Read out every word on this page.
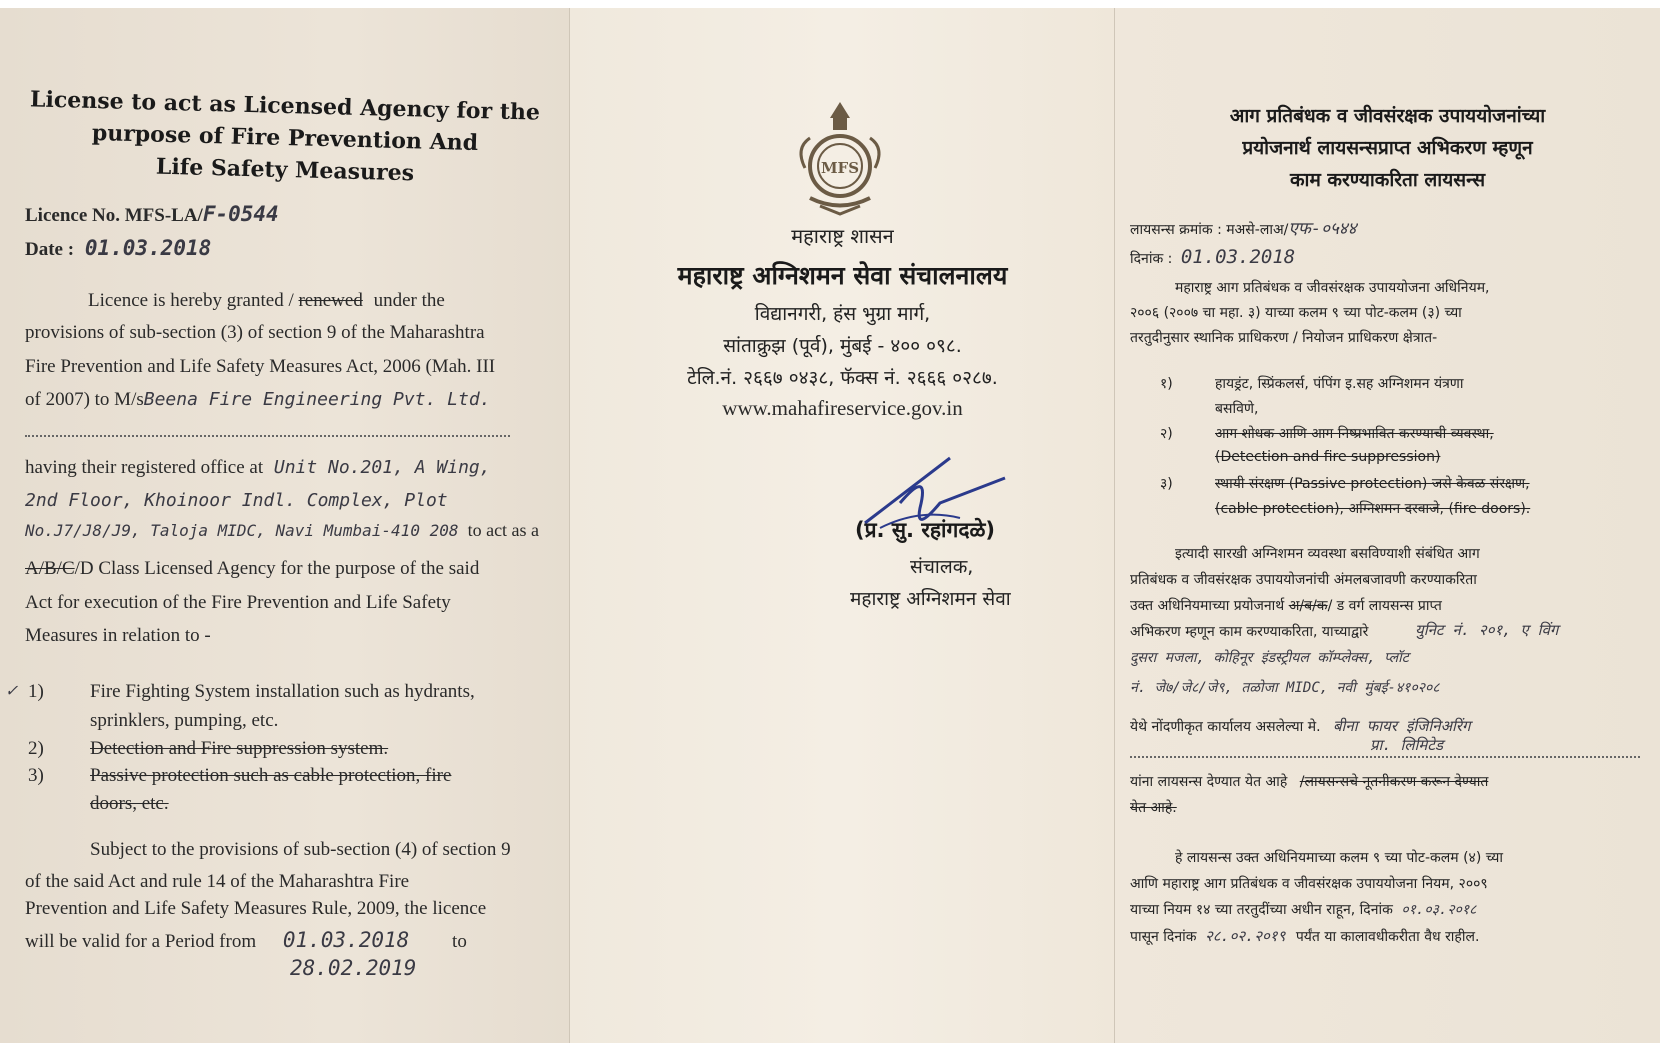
License to act as Licensed Agency for the
purpose of Fire Prevention And
Life Safety Measures
Licence No. MFS-LA/F-0544
Date : 01.03.2018
Licence is hereby granted / renewed under the
provisions of sub-section (3) of section 9 of the Maharashtra
Fire Prevention and Life Safety Measures Act, 2006 (Mah. III
of 2007) to M/sBeena Fire Engineering Pvt. Ltd.
having their registered office at Unit No.201, A Wing,
2nd Floor, Khoinoor Indl. Complex, Plot
No.J7/J8/J9, Taloja MIDC, Navi Mumbai-410 208 to act as a
A/B/C/D Class Licensed Agency for the purpose of the said
Act for execution of the Fire Prevention and Life Safety
Measures in relation to -
✓ 1) Fire Fighting System installation such as hydrants,
sprinklers, pumping, etc.
2) Detection and Fire suppression system.
3) Passive protection such as cable protection, fire
doors, etc.
Subject to the provisions of sub-section (4) of section 9
of the said Act and rule 14 of the Maharashtra Fire
Prevention and Life Safety Measures Rule, 2009, the licence
will be valid for a Period from 01.03.2018 to
28.02.2019
MFS
महाराष्ट्र शासन
महाराष्ट्र अग्निशमन सेवा संचालनालय
विद्यानगरी, हंस भुग्रा मार्ग,
सांताक्रुझ (पूर्व), मुंबई - ४०० ०९८.
टेलि.नं. २६६७ ०४३८, फॅक्स नं. २६६६ ०२८७.
www.mahafireservice.gov.in
(प्र. सु. रहांगदळे)
संचालक,
महाराष्ट्र अग्निशमन सेवा
आग प्रतिबंधक व जीवसंरक्षक उपाययोजनांच्या
प्रयोजनार्थ लायसन्सप्राप्त अभिकरण म्हणून
काम करण्याकरिता लायसन्स
लायसन्स क्रमांक : मअसे-लाअ/एफ-०५४४
दिनांक : 01.03.2018
महाराष्ट्र आग प्रतिबंधक व जीवसंरक्षक उपाययोजना अधिनियम,
२००६ (२००७ चा महा. ३) याच्या कलम ९ च्या पोट-कलम (३) च्या
तरतुदीनुसार स्थानिक प्राधिकरण / नियोजन प्राधिकरण क्षेत्रात-
१)	हायड्रंट, स्प्रिंकलर्स, पंपिंग इ.सह अग्निशमन यंत्रणा
बसविणे,
२)	आग शोधक आणि आग निष्प्रभावित करण्याची व्यवस्था,
(Detection and fire suppression)
३)	स्थायी संरक्षण (Passive protection) जसे केवळ संरक्षण,
(cable protection), अग्निशमन दरवाजे, (fire doors).
इत्यादी सारखी अग्निशमन व्यवस्था बसविण्याशी संबंधित आग
प्रतिबंधक व जीवसंरक्षक उपाययोजनांची अंमलबजावणी करण्याकरिता
उक्त अधिनियमाच्या प्रयोजनार्थ अ/ब/क/ ड वर्ग लायसन्स प्राप्त
अभिकरण म्हणून काम करण्याकरिता, याच्याद्वारे	युनिट नं. २०१, ए विंग
दुसरा मजला, कोहिनूर इंडस्ट्रीयल कॉम्प्लेक्स, प्लॉट
नं. जे७/जे८/जे९, तळोजा MIDC, नवी मुंबई-४१०२०८
येथे नोंदणीकृत कार्यालय असलेल्या मे. बीना फायर इंजिनिअरिंग
प्रा. लिमिटेड
यांना लायसन्स देण्यात येत आहे /लायसन्सचे नूतनीकरण करून देण्यात
येत आहे.
हे लायसन्स उक्त अधिनियमाच्या कलम ९ च्या पोट-कलम (४) च्या
आणि महाराष्ट्र आग प्रतिबंधक व जीवसंरक्षक उपाययोजना नियम, २००९
याच्या नियम १४ च्या तरतुदींच्या अधीन राहून, दिनांक ०१.०३.२०१८
पासून दिनांक २८.०२.२०१९ पर्यंत या कालावधीकरीता वैध राहील.
